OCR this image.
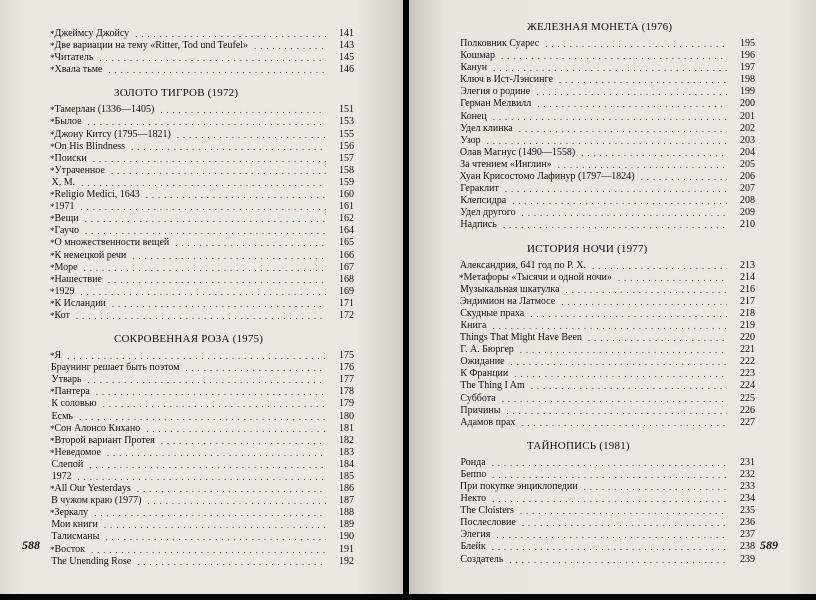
* Джеймсу Джойсу . . .	141
* Две вариации на тему «Ritter, Tod und Teufel» . . .	143
* Читатель . . .	145
* Хвала тьме . . .	146
ЗОЛОТО ТИГРОВ (1972)
* Тамерлан (1336—1405) . . .	151
* Былое . . .	153
* Джону Китсу (1795—1821) . . .	155
* On His Blindness . . .	156
* Поиски . . .	157
* Утраченное . . .	158
Х. М. . . .	159
* Religio Medici, 1643 . . .	160
* 1971 . . .	161
* Вещи . . .	162
* Гаучо . . .	164
* О множественности вещей . . .	165
* К немецкой речи . . .	166
* Море . . .	167
* Нашествие . . .	168
* 1929 . . .	169
* К Исландии . . .	171
* Кот . . .	172
СОКРОВЕННАЯ РОЗА (1975)
* Я . . .	175
Браунинг решает быть поэтом . . .	176
Утварь . . .	177
* Пантера . . .	178
К соловью . . .	179
Есмь . . .	180
* Сон Алонсо Кихано . . .	181
* Второй вариант Протея . . .	182
* Неведомое . . .	183
Слепой . . .	184
1972 . . .	185
* All Our Yesterdays . . .	186
В чужом краю (1977) . . .	187
* Зеркалу . . .	188
Мои книги . . .	189
Талисманы . . .	190
* Восток . . .	191
The Unending Rose . . .	192
588
ЖЕЛЕЗНАЯ МОНЕТА (1976)
Полковник Суарес . . .	195
Кошмар . . .	196
Канун . . .	197
Ключ в Ист-Лэнсинге . . .	198
Элегия о родине . . .	199
Герман Мелвилл . . .	200
Конец . . .	201
Удел клинка . . .	202
Узор . . .	203
Олав Магнус (1490—1558) . . .	204
За чтением «Инглин» . . .	205
Хуан Крисостомо Лафинур (1797—1824) . . .	206
Гераклит . . .	207
Клепсидра . . .	208
Удел другого . . .	209
Надпись . . .	210
ИСТОРИЯ НОЧИ (1977)
Александрия, 641 год по Р. Х. . . .	213
* Метафоры «Тысячи и одной ночи» . . .	214
Музыкальная шкатулка . . .	216
Эндимион на Латмосе . . .	217
Скудные праха . . .	218
Книга . . .	219
Things That Might Have Been . . .	220
Г. А. Бюргер . . .	221
Ожидание . . .	222
К Франции . . .	223
The Thing I Am . . .	224
Суббота . . .	225
Причины . . .	226
Адамов прах . . .	227
ТАЙНОПИСЬ (1981)
Ронда . . .	231
Беппо . . .	232
При покупке энциклопедии . . .	233
Некто . . .	234
The Cloisters . . .	235
Послесловие . . .	236
Элегия . . .	237
Блейк . . .	238
Создатель . . .	239
589
